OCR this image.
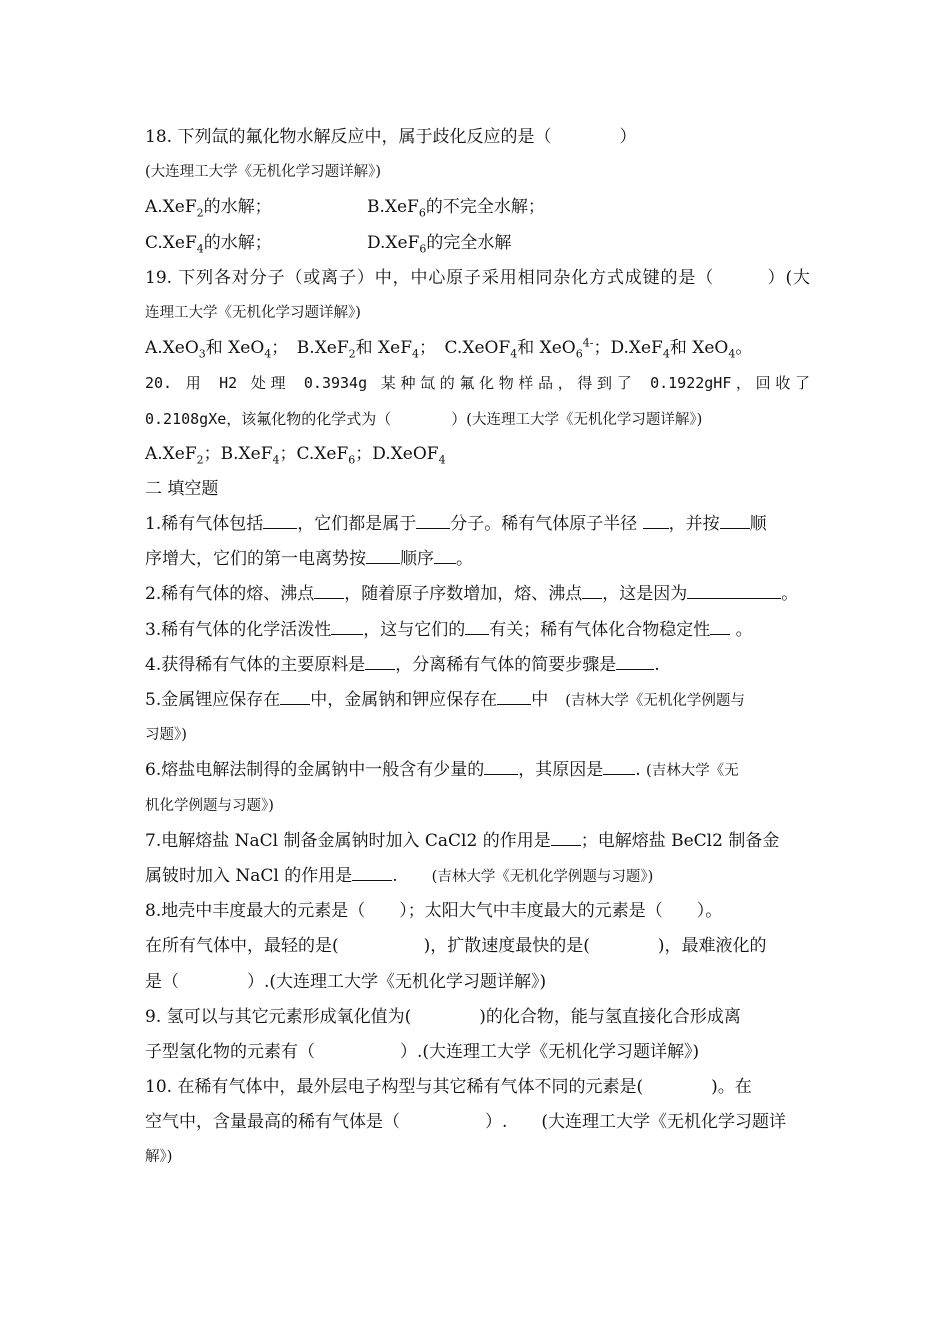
18. 下列氙的氟化物水解反应中，属于歧化反应的是（　　　　）
(大连理工大学《无机化学习题详解》)
A.XeF$_2$的水解；	B.XeF$_6$的不完全水解；
C.XeF$_4$的水解；	D.XeF$_6$的完全水解
19. 下列各对分子（或离子）中，中心原子采用相同杂化方式成键的是（　　　）(大
连理工大学《无机化学习题详解》)
A.XeO$_3$和 XeO$_4$；　B.XeF$_2$和 XeF$_4$；　C.XeOF$_4$和 XeO$_6^{4-}$；D.XeF$_4$和 XeO$_4$。
20. 用 H2 处理 0.3934g 某种氙的氟化物样品，得到了 0.1922gHF，回收了
0.2108gXe，该氟化物的化学式为（　　　　）(大连理工大学《无机化学习题详解》)
A.XeF$_2$；B.XeF$_4$；C.XeF$_6$；D.XeOF$_4$
二 填空题
1.稀有气体包括 ，它们都是属于 分子。稀有气体原子半径 ，并按 顺
序增大，它们的第一电离势按 顺序 。
2.稀有气体的熔、沸点 ，随着原子序数增加，熔、沸点 ，这是因为	。
3.稀有气体的化学活泼性 ，这与它们的 有关；稀有气体化合物稳定性 。
4.获得稀有气体的主要原料是 ，分离稀有气体的简要步骤是 .
5.金属锂应保存在 中，金属钠和钾应保存在 中　(吉林大学《无机化学例题与
习题》)
6.熔盐电解法制得的金属钠中一般含有少量的 ，其原因是 . (吉林大学《无
机化学例题与习题》)
7.电解熔盐 NaCl 制备金属钠时加入 CaCl2 的作用是 ；电解熔盐 BeCl2 制备金
属铍时加入 NaCl 的作用是 .　　(吉林大学《无机化学例题与习题》)
8.地壳中丰度最大的元素是（　　）；太阳大气中丰度最大的元素是（　　）。
在所有气体中，最轻的是(　　　　　)，扩散速度最快的是(　　　　)，最难液化的
是（　　　　）.(大连理工大学《无机化学习题详解》)
9. 氢可以与其它元素形成氧化值为(　　　　)的化合物，能与氢直接化合形成离
子型氢化物的元素有（　　　　　）.(大连理工大学《无机化学习题详解》)
10. 在稀有气体中，最外层电子构型与其它稀有气体不同的元素是(　　　　)。在
空气中，含量最高的稀有气体是（　　　　　）.　　(大连理工大学《无机化学习题详
解》)
